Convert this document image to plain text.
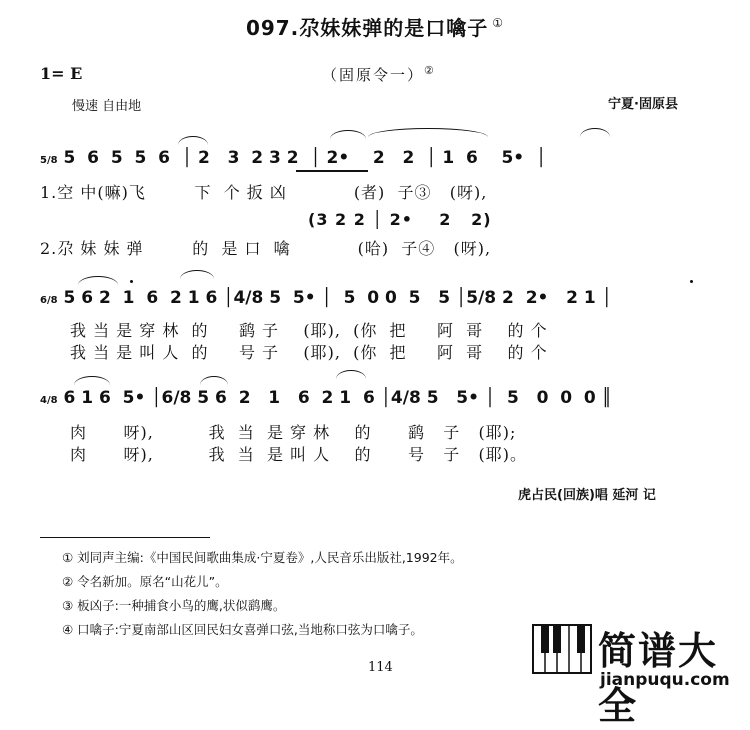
097.尕妹妹弹的是口噙子 ①
1= E	（固原令一）②
慢速 自由地	宁夏·固原县
5/8 5  6  5  5  6  │ 2   3  2 3 2  │ 2•    2   2  │ 1  6    5•  │
1.空 中(嘛)飞        下  个 扳 凶           (者)  子③   (呀),
(3 2 2 │ 2•    2   2)
2.尕 妹 妹 弹        的  是 口  噙           (哈)  子④   (呀),
6/8 5 6 2  1  6  2 1 6 │4/8 5  5• │  5  0 0  5   5 │5/8 2  2•   2 1 │
我 当 是 穿 林  的     鹞 子    (耶),  (你  把     阿  哥    的 个
我 当 是 叫 人  的     号 子    (耶),  (你  把     阿  哥    的 个
4/8 6 1 6  5• │6/8 5 6  2   1   6  2 1  6 │4/8 5   5• │  5   0  0  0 ║
肉      呀),         我  当  是 穿 林    的      鹞   子   (耶);
肉      呀),         我  当  是 叫 人    的      号   子   (耶)。
虎占民(回族)唱 延河 记
① 刘同声主编:《中国民间歌曲集成·宁夏卷》,人民音乐出版社,1992年。
② 令名新加。原名“山花儿”。
③ 板凶子:一种捕食小鸟的鹰,状似鹞鹰。
④ 口噙子:宁夏南部山区回民妇女喜弹口弦,当地称口弦为口噙子。
114	简谱大全
jianpuqu.com
